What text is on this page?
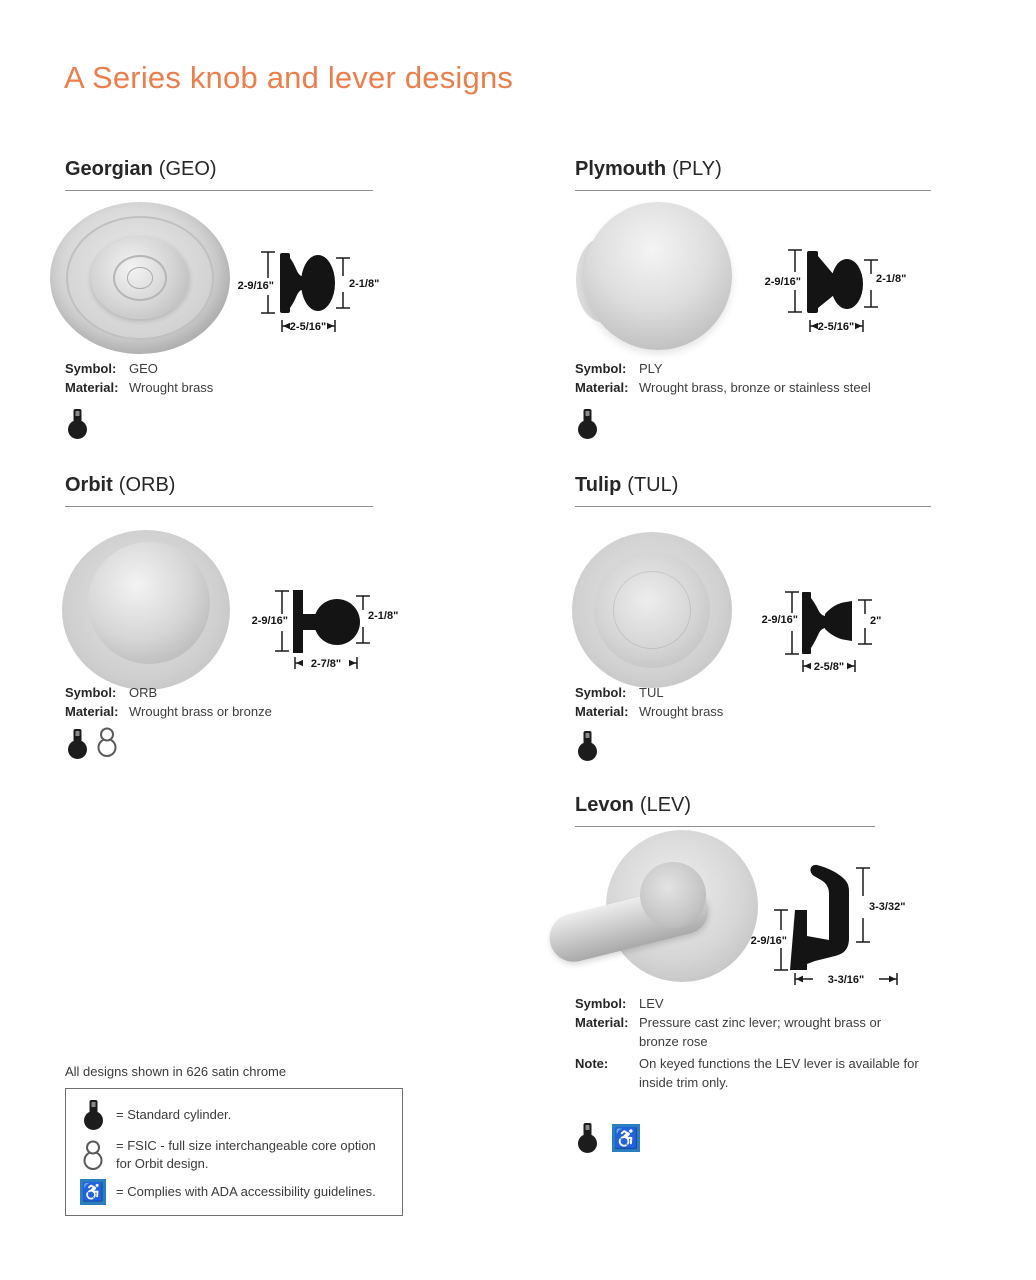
A Series knob and lever designs
Georgian (GEO)
2-9/16"	2-1/8"
2-5/16"
Symbol: GEO
Material: Wrought brass
Plymouth (PLY)
2-9/16"	2-1/8"
2-5/16"
Symbol: PLY
Material: Wrought brass, bronze or stainless steel
Orbit (ORB)
2-9/16"	2-1/8"
2-7/8"
Symbol: ORB
Material: Wrought brass or bronze
Tulip (TUL)
2-9/16"	2"
2-5/8"
Symbol: TUL
Material: Wrought brass
Levon (LEV)
2-9/16"
3-3/32"
3-3/16"
Symbol: LEV
Material: Pressure cast zinc lever; wrought brass or bronze rose
Note:	On keyed functions the LEV lever is available for inside trim only.
♿
All designs shown in 626 satin chrome
= Standard cylinder.
= FSIC - full size interchangeable core option for Orbit design.
♿ = Complies with ADA accessibility guidelines.
